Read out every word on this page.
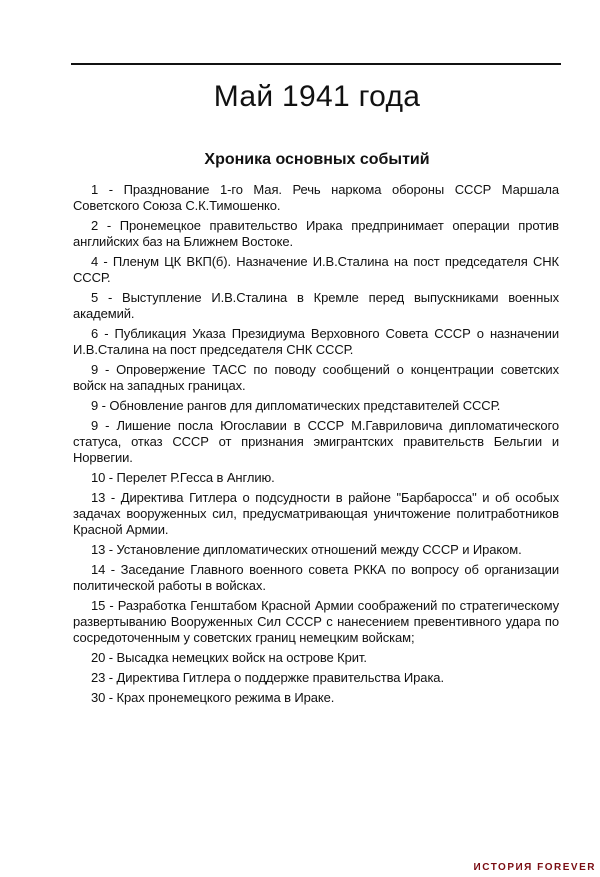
Май 1941 года
Хроника основных событий
1 - Празднование 1-го Мая. Речь наркома обороны СССР Маршала Советского Союза С.К.Тимошенко.
2 - Пронемецкое правительство Ирака предпринимает операции против английских баз на Ближнем Востоке.
4 - Пленум ЦК ВКП(б). Назначение И.В.Сталина на пост председателя СНК СССР.
5 - Выступление И.В.Сталина в Кремле перед выпускниками военных академий.
6 - Публикация Указа Президиума Верховного Совета СССР о назначении И.В.Сталина на пост председателя СНК СССР.
9 - Опровержение ТАСС по поводу сообщений о концентрации советских войск на западных границах.
9 - Обновление рангов для дипломатических представителей СССР.
9 - Лишение посла Югославии в СССР М.Гавриловича дипломатического статуса, отказ СССР от признания эмигрантских правительств Бельгии и Норвегии.
10 - Перелет Р.Гесса в Англию.
13 - Директива Гитлера о подсудности в районе "Барбаросса" и об особых задачах вооруженных сил, предусматривающая уничтожение политработников Красной Армии.
13 - Установление дипломатических отношений между СССР и Ираком.
14 - Заседание Главного военного совета РККА по вопросу об организации политической работы в войсках.
15 - Разработка Генштабом Красной Армии соображений по стратегическому развертыванию Вооруженных Сил СССР с нанесением превентивного удара по сосредоточенным у советских границ немецким войскам;
20 - Высадка немецких войск на острове Крит.
23 - Директива Гитлера о поддержке правительства Ирака.
30 - Крах пронемецкого режима в Ираке.
ИСТОРИЯ FOREVER
